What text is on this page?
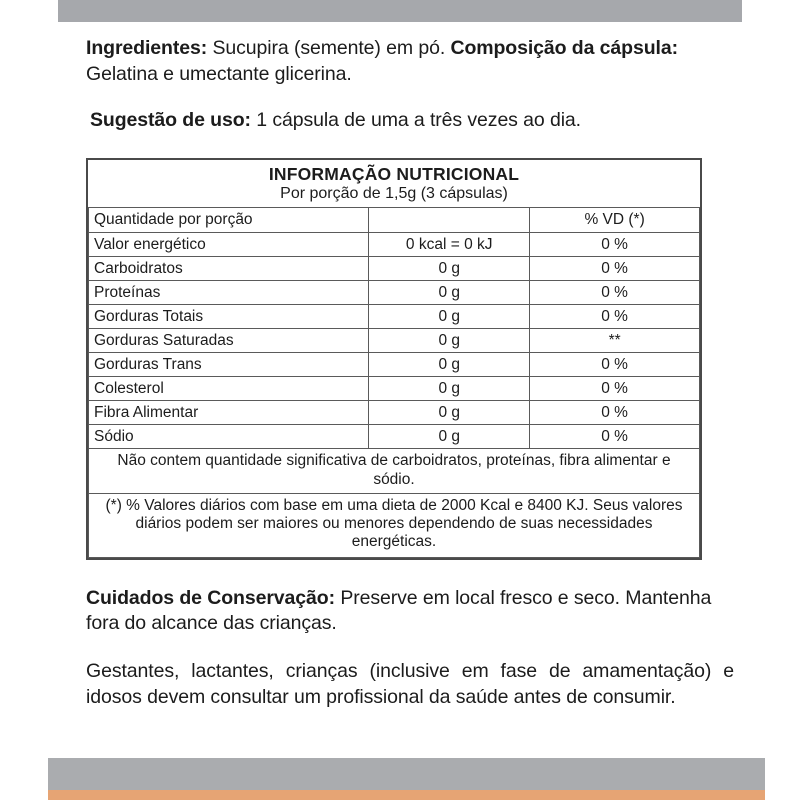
Ingredientes: Sucupira (semente) em pó. Composição da cápsula: Gelatina e umectante glicerina.

Sugestão de uso: 1 cápsula de uma a três vezes ao dia.

INFORMAÇÃO NUTRICIONAL
Por porção de 1,5g (3 cápsulas)		

Quantidade por porção		% VD (*)
Valor energético	0 kcal = 0 kJ	0 %
Carboidratos	0 g	0 %
Proteínas	0 g	0 %
Gorduras Totais	0 g	0 %
Gorduras Saturadas	0 g	**
Gorduras Trans	0 g	0 %
Colesterol	0 g	0 %
Fibra Alimentar	0 g	0 %
Sódio	0 g	0 %
Não contem quantidade significativa de carboidratos, proteínas, fibra alimentar e sódio.		
(*) % Valores diários com base em uma dieta de 2000 Kcal e 8400 KJ. Seus valores diários podem ser maiores ou menores dependendo de suas necessidades energéticas.		

Cuidados de Conservação: Preserve em local fresco e seco. Mantenha fora do alcance das crianças.

Gestantes, lactantes, crianças (inclusive em fase de amamentação) e idosos devem consultar um profissional da saúde antes de consumir.
